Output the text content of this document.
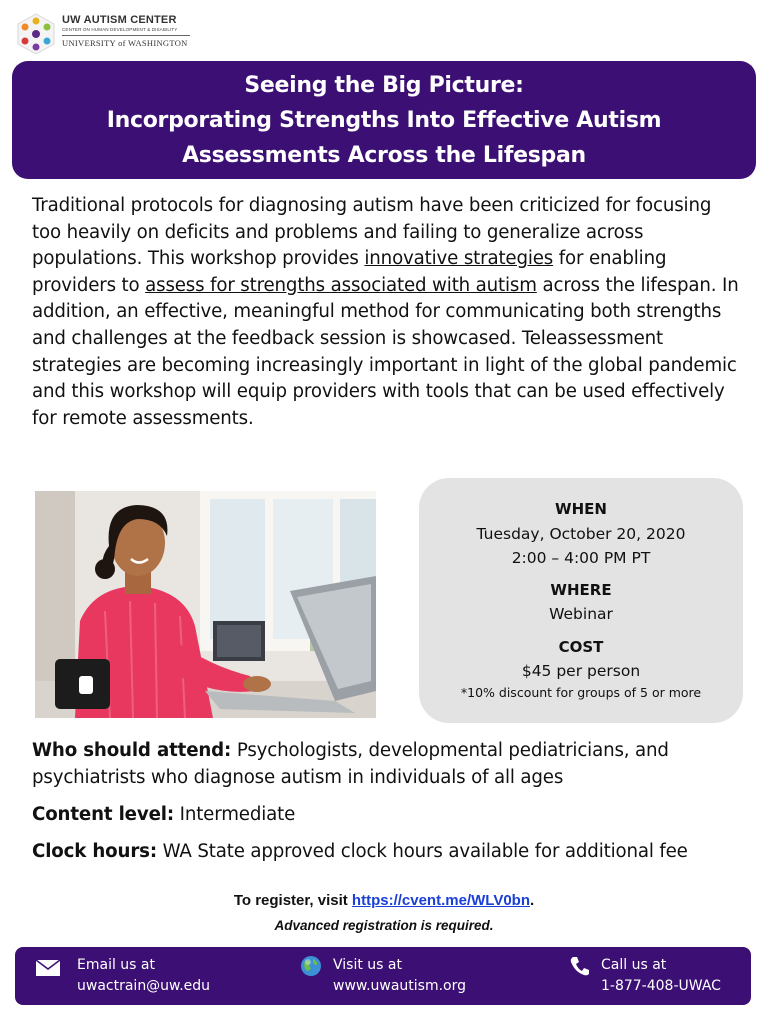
UW AUTISM CENTER
CENTER ON HUMAN DEVELOPMENT & DISABILITY
UNIVERSITY of WASHINGTON
Seeing the Big Picture:
Incorporating Strengths Into Effective Autism
Assessments Across the Lifespan
Traditional protocols for diagnosing autism have been criticized for focusing too heavily on deficits and problems and failing to generalize across populations. This workshop provides innovative strategies for enabling providers to assess for strengths associated with autism across the lifespan. In addition, an effective, meaningful method for communicating both strengths and challenges at the feedback session is showcased. Teleassessment strategies are becoming increasingly important in light of the global pandemic and this workshop will equip providers with tools that can be used effectively for remote assessments.
WHEN
Tuesday, October 20, 2020
2:00 – 4:00 PM PT
WHERE
Webinar
COST
$45 per person
*10% discount for groups of 5 or more

Who should attend: Psychologists, developmental pediatricians, and psychiatrists who diagnose autism in individuals of all ages

Content level: Intermediate

Clock hours: WA State approved clock hours available for additional fee

To register, visit https://cvent.me/WLV0bn.
Advanced registration is required.
Email us at
uwactrain@uw.edu
Visit us at
www.uwautism.org
Call us at
1-877-408-UWAC
